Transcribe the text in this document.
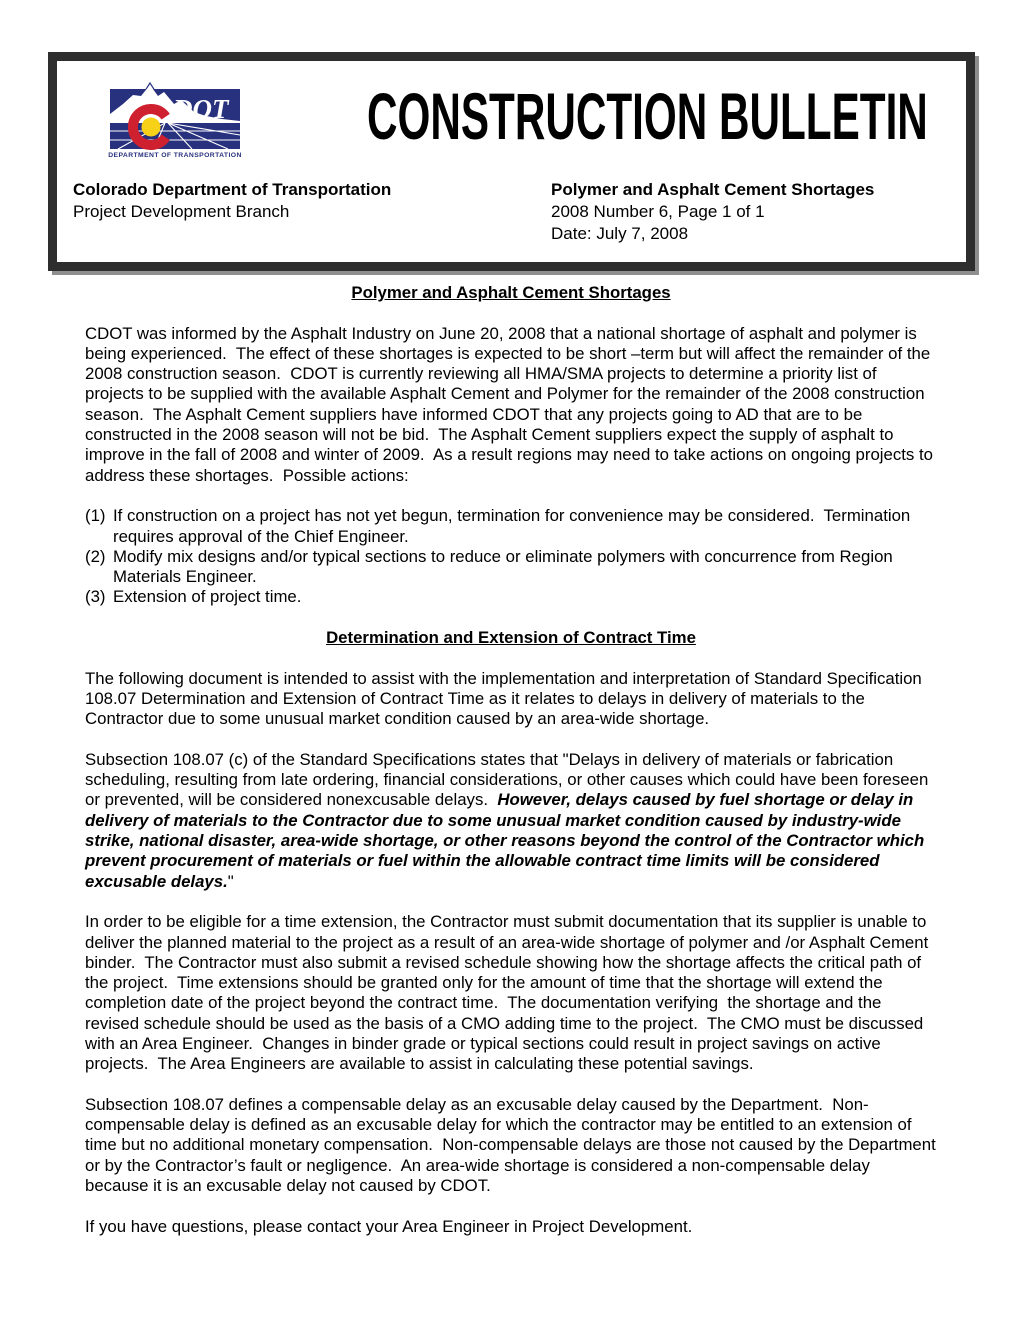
DOT
DEPARTMENT OF TRANSPORTATION
CONSTRUCTION BULLETIN
Colorado Department of Transportation
Project Development Branch
Polymer and Asphalt Cement Shortages
2008 Number 6, Page 1 of 1
Date: July 7, 2008
Polymer and Asphalt Cement Shortages

CDOT was informed by the Asphalt Industry on June 20, 2008 that a national shortage of asphalt and polymer is being experienced.  The effect of these shortages is expected to be short –term but will affect the remainder of the 2008 construction season.  CDOT is currently reviewing all HMA/SMA projects to determine a priority list of projects to be supplied with the available Asphalt Cement and Polymer for the remainder of the 2008 construction season.  The Asphalt Cement suppliers have informed CDOT that any projects going to AD that are to be constructed in the 2008 season will not be bid.  The Asphalt Cement suppliers expect the supply of asphalt to improve in the fall of 2008 and winter of 2009.  As a result regions may need to take actions on ongoing projects to address these shortages.  Possible actions:

(1) If construction on a project has not yet begun, termination for convenience may be considered.  Termination requires approval of the Chief Engineer.
(2) Modify mix designs and/or typical sections to reduce or eliminate polymers with concurrence from Region Materials Engineer.
(3) Extension of project time.
Determination and Extension of Contract Time

The following document is intended to assist with the implementation and interpretation of Standard Specification 108.07 Determination and Extension of Contract Time as it relates to delays in delivery of materials to the Contractor due to some unusual market condition caused by an area-wide shortage.

Subsection 108.07 (c) of the Standard Specifications states that "Delays in delivery of materials or fabrication scheduling, resulting from late ordering, financial considerations, or other causes which could have been foreseen or prevented, will be considered nonexcusable delays.  However, delays caused by fuel shortage or delay in delivery of materials to the Contractor due to some unusual market condition caused by industry-wide strike, national disaster, area-wide shortage, or other reasons beyond the control of the Contractor which prevent procurement of materials or fuel within the allowable contract time limits will be considered excusable delays."

In order to be eligible for a time extension, the Contractor must submit documentation that its supplier is unable to deliver the planned material to the project as a result of an area-wide shortage of polymer and /or Asphalt Cement binder.  The Contractor must also submit a revised schedule showing how the shortage affects the critical path of the project.  Time extensions should be granted only for the amount of time that the shortage will extend the completion date of the project beyond the contract time.  The documentation verifying  the shortage and the revised schedule should be used as the basis of a CMO adding time to the project.  The CMO must be discussed with an Area Engineer.  Changes in binder grade or typical sections could result in project savings on active projects.  The Area Engineers are available to assist in calculating these potential savings.

Subsection 108.07 defines a compensable delay as an excusable delay caused by the Department.  Non-compensable delay is defined as an excusable delay for which the contractor may be entitled to an extension of time but no additional monetary compensation.  Non-compensable delays are those not caused by the Department or by the Contractor’s fault or negligence.  An area-wide shortage is considered a non-compensable delay because it is an excusable delay not caused by CDOT.

If you have questions, please contact your Area Engineer in Project Development.
